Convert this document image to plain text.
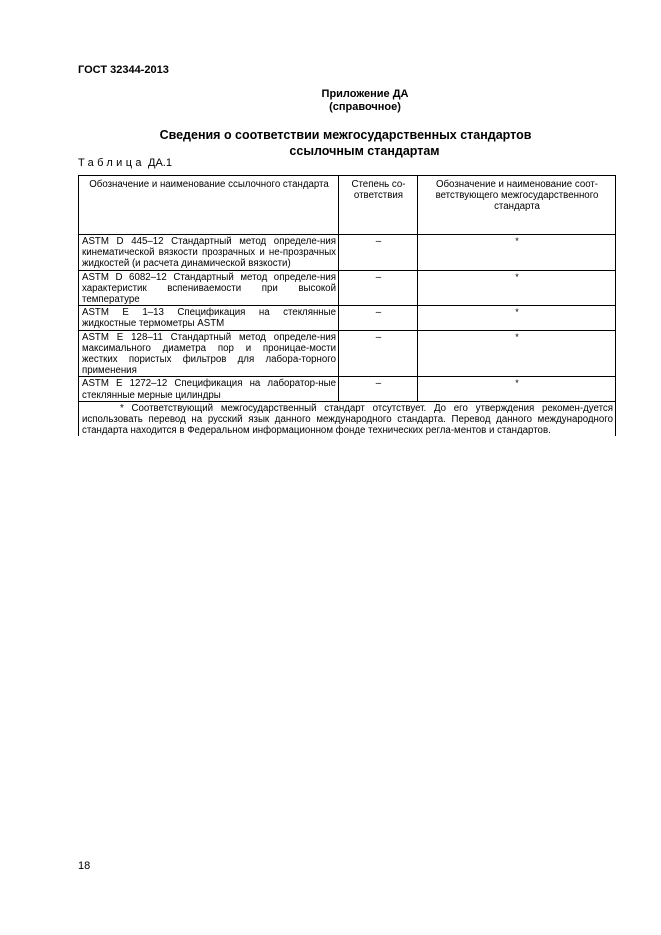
ГОСТ 32344-2013
Приложение ДА
(справочное)
Сведения о соответствии межгосударственных стандартов
ссылочным стандартам
Таблица ДА.1
Обозначение и наименование ссылочного стандарта	Степень со-ответствия	Обозначение и наименование соот-ветствующего межгосударственного стандарта
ASTM D 445–12 Стандартный метод определе-ния кинематической вязкости прозрачных и не-прозрачных жидкостей (и расчета динамической вязкости)	–	*
ASTM D 6082–12 Стандартный метод определе-ния характеристик вспениваемости при высокой температуре	–	*
ASTM E 1–13 Спецификация на стеклянные жидкостные термометры ASTM	–	*
ASTM E 128–11 Стандартный метод определе-ния максимального диаметра пор и проницае-мости жестких пористых фильтров для лабора-торного применения	–	*
ASTM E 1272–12 Спецификация на лаборатор-ные стеклянные мерные цилиндры	–	*

* Соответствующий межгосударственный стандарт отсутствует. До его утверждения рекомен-дуется использовать перевод на русский язык данного международного стандарта. Перевод данного международного стандарта находится в Федеральном информационном фонде технических регла-ментов и стандартов.		
18
